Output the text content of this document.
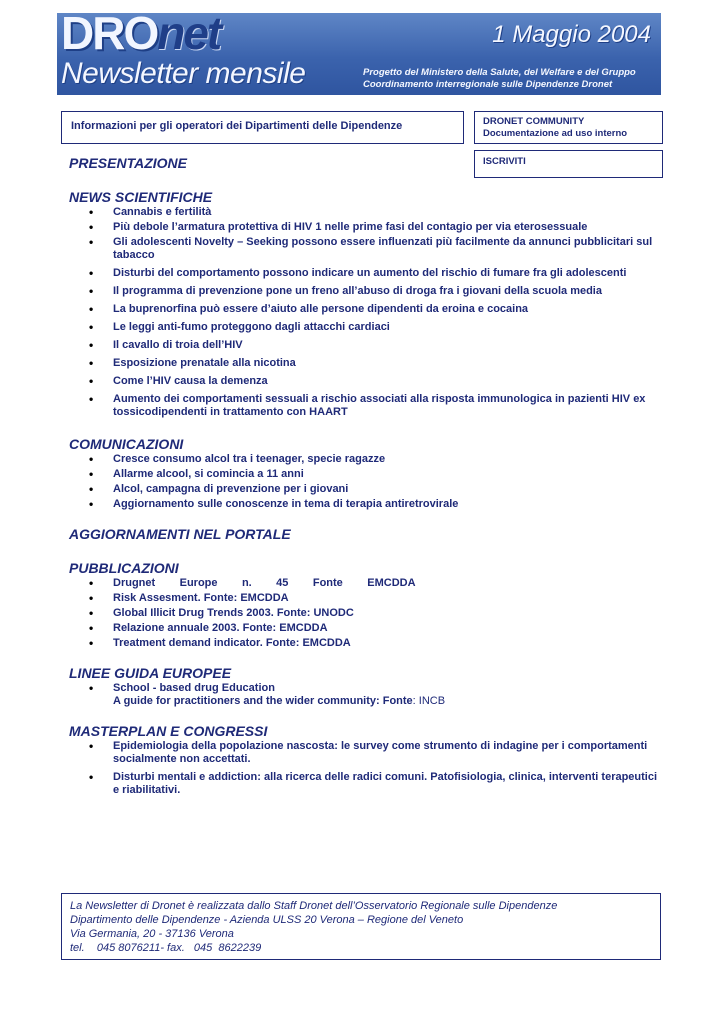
DROnet
Newsletter mensile
1 Maggio 2004
Progetto del Ministero della Salute, del Welfare e del Gruppo
Coordinamento interregionale sulle Dipendenze Dronet
Informazioni per gli operatori dei Dipartimenti delle Dipendenze	DRONET COMMUNITY
Documentazione ad uso interno
ISCRIVITI
PRESENTAZIONE
NEWS SCIENTIFICHE
• Cannabis e fertilità
• Più debole l’armatura protettiva di HIV 1 nelle prime fasi del contagio per via eterosessuale
• Gli adolescenti Novelty – Seeking possono essere influenzati più facilmente da annunci pubblicitari sul tabacco
• Disturbi del comportamento possono indicare un aumento del rischio di fumare fra gli adolescenti
• Il programma di prevenzione pone un freno all’abuso di droga fra i giovani della scuola media
• La buprenorfina può essere d’aiuto alle persone dipendenti da eroina e cocaina
• Le leggi anti-fumo proteggono dagli attacchi cardiaci
• Il cavallo di troia dell’HIV
• Esposizione prenatale alla nicotina
• Come l’HIV causa la demenza
• Aumento dei comportamenti sessuali a rischio associati alla risposta immunologica in pazienti HIV ex tossicodipendenti in trattamento con HAART
COMUNICAZIONI
• Cresce consumo alcol tra i teenager, specie ragazze
• Allarme alcool, si comincia a 11 anni
• Alcol, campagna di prevenzione per i giovani
• Aggiornamento sulle conoscenze in tema di terapia antiretrovirale
AGGIORNAMENTI NEL PORTALE
PUBBLICAZIONI
• Drugnet        Europe        n.        45        Fonte        EMCDDA
• Risk Assesment. Fonte: EMCDDA
• Global Illicit Drug Trends 2003. Fonte: UNODC
• Relazione annuale 2003. Fonte: EMCDDA
• Treatment demand indicator. Fonte: EMCDDA
LINEE GUIDA EUROPEE
• School - based drug Education
A guide for practitioners and the wider community: Fonte: INCB
MASTERPLAN E CONGRESSI
• Epidemiologia della popolazione nascosta: le survey come strumento di indagine per i comportamenti socialmente non accettati.
• Disturbi mentali e addiction: alla ricerca delle radici comuni. Patofisiologia, clinica, interventi terapeutici e riabilitativi.
La Newsletter di Dronet è realizzata dallo Staff Dronet dell’Osservatorio Regionale sulle Dipendenze
Dipartimento delle Dipendenze - Azienda ULSS 20 Verona – Regione del Veneto
Via Germania, 20 - 37136 Verona
tel.    045 8076211- fax.   045  8622239
